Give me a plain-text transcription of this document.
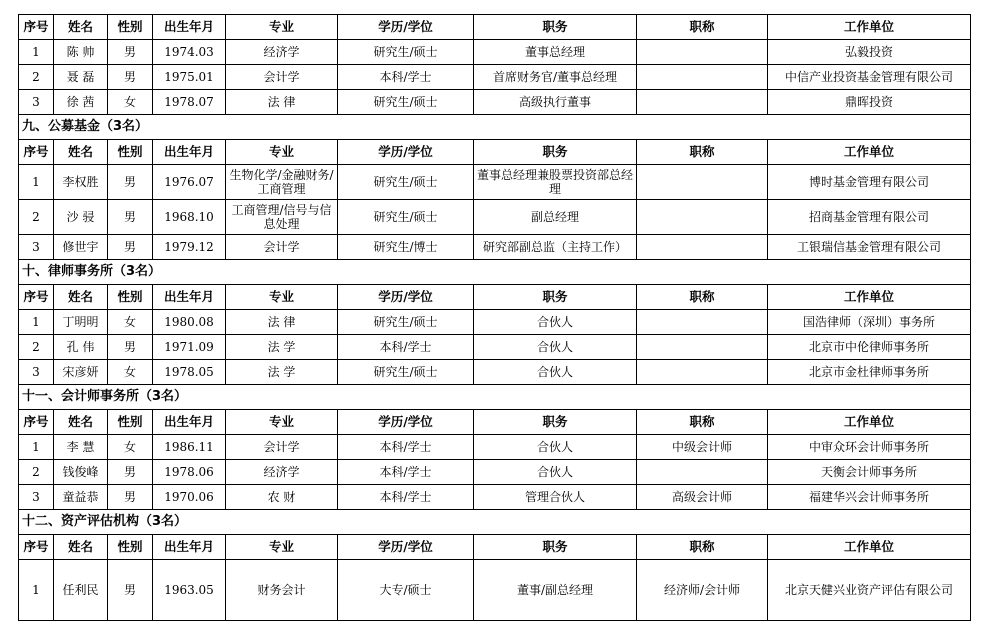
序号	姓名	性别	出生年月	专业	学历/学位	职务	职称	工作单位
1	陈 帅	男	1974.03	经济学	研究生/硕士	董事总经理		弘毅投资
2	聂 磊	男	1975.01	会计学	本科/学士	首席财务官/董事总经理		中信产业投资基金管理有限公司
3	徐 茜	女	1978.07	法 律	研究生/硕士	高级执行董事		鼎晖投资
九、公募基金（3名）								
序号	姓名	性别	出生年月	专业	学历/学位	职务	职称	工作单位
1	李权胜	男	1976.07	生物化学/金融财务/工商管理	研究生/硕士	董事总经理兼股票投资部总经理		博时基金管理有限公司
2	沙 骎	男	1968.10	工商管理/信号与信息处理	研究生/硕士	副总经理		招商基金管理有限公司
3	修世宇	男	1979.12	会计学	研究生/博士	研究部副总监（主持工作）		工银瑞信基金管理有限公司
十、律师事务所（3名）								
序号	姓名	性别	出生年月	专业	学历/学位	职务	职称	工作单位
1	丁明明	女	1980.08	法 律	研究生/硕士	合伙人		国浩律师（深圳）事务所
2	孔 伟	男	1971.09	法 学	本科/学士	合伙人		北京市中伦律师事务所
3	宋彦妍	女	1978.05	法 学	研究生/硕士	合伙人		北京市金杜律师事务所
十一、会计师事务所（3名）								
序号	姓名	性别	出生年月	专业	学历/学位	职务	职称	工作单位
1	李 慧	女	1986.11	会计学	本科/学士	合伙人	中级会计师	中审众环会计师事务所
2	钱俊峰	男	1978.06	经济学	本科/学士	合伙人		天衡会计师事务所
3	童益恭	男	1970.06	农 财	本科/学士	管理合伙人	高级会计师	福建华兴会计师事务所
十二、资产评估机构（3名）								
序号	姓名	性别	出生年月	专业	学历/学位	职务	职称	工作单位
1	任利民	男	1963.05	财务会计	大专/硕士	董事/副总经理	经济师/会计师	北京天健兴业资产评估有限公司
